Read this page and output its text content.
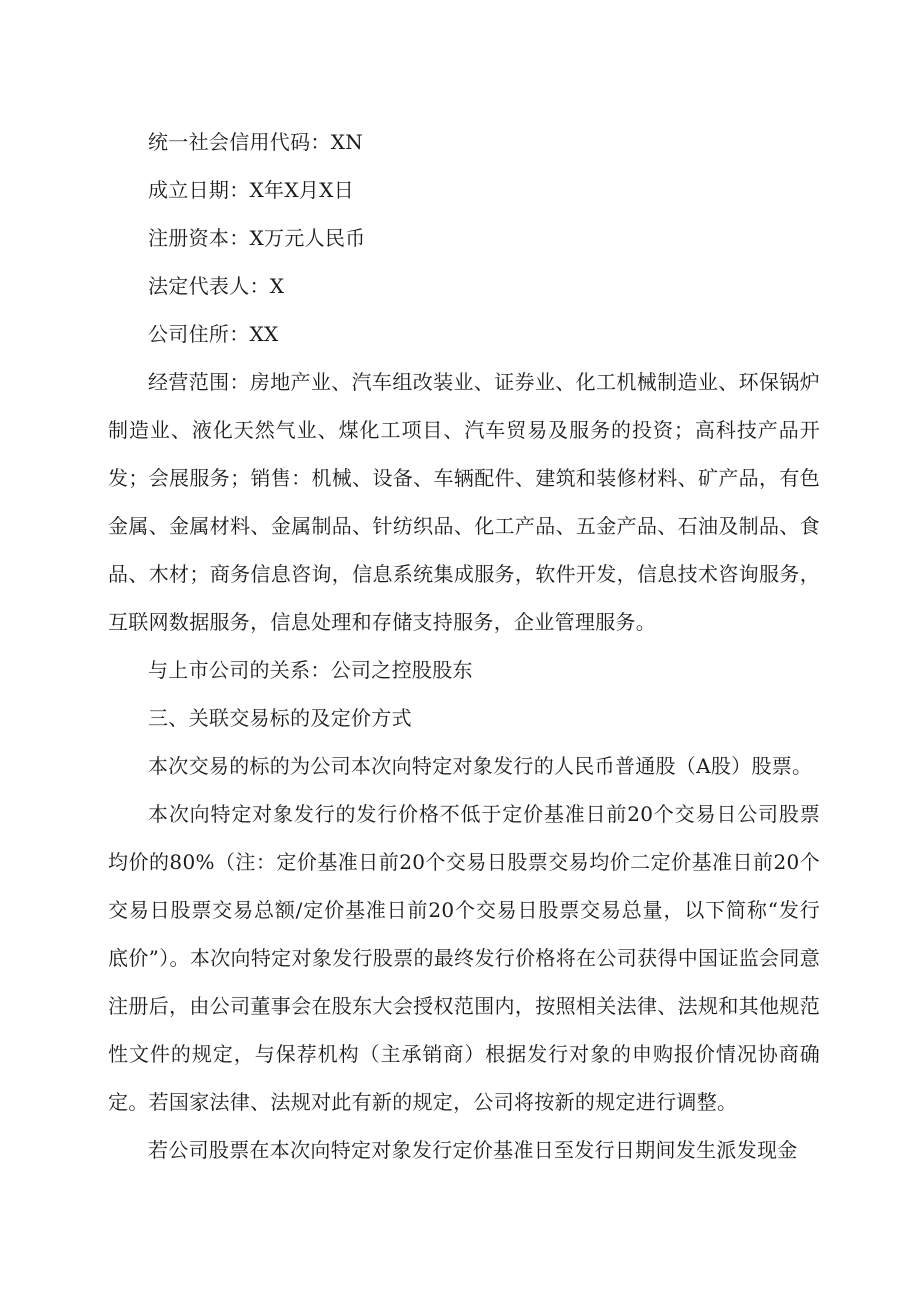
统一社会信用代码：XN

成立日期：X年X月X日

注册资本：X万元人民币

法定代表人：X

公司住所：XX

经营范围：房地产业、汽车组改装业、证券业、化工机械制造业、环保锅炉制造业、液化天然气业、煤化工项目、汽车贸易及服务的投资；高科技产品开发；会展服务；销售：机械、设备、车辆配件、建筑和装修材料、矿产品，有色金属、金属材料、金属制品、针纺织品、化工产品、五金产品、石油及制品、食品、木材；商务信息咨询，信息系统集成服务，软件开发，信息技术咨询服务，互联网数据服务，信息处理和存储支持服务，企业管理服务。

与上市公司的关系：公司之控股股东

三、关联交易标的及定价方式

本次交易的标的为公司本次向特定对象发行的人民币普通股（A股）股票。

本次向特定对象发行的发行价格不低于定价基准日前20个交易日公司股票均价的80%（注：定价基准日前20个交易日股票交易均价二定价基准日前20个交易日股票交易总额/定价基准日前20个交易日股票交易总量，以下简称“发行底价”）。本次向特定对象发行股票的最终发行价格将在公司获得中国证监会同意注册后，由公司董事会在股东大会授权范围内，按照相关法律、法规和其他规范性文件的规定，与保荐机构（主承销商）根据发行对象的申购报价情况协商确定。若国家法律、法规对此有新的规定，公司将按新的规定进行调整。

若公司股票在本次向特定对象发行定价基准日至发行日期间发生派发现金
